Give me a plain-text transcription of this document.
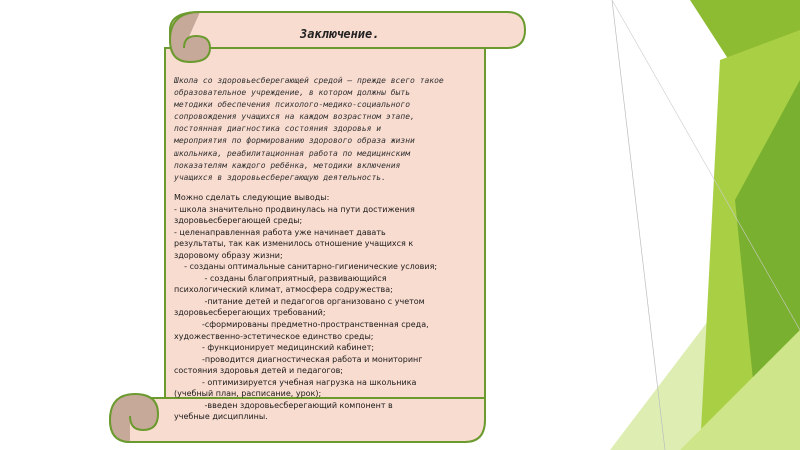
Заключение.
Школа со здоровьесберегающей средой – прежде всего такое
образовательное учреждение, в котором должны быть
методики обеспечения психолого-медико-социального
сопровождения учащихся на каждом возрастном этапе,
постоянная диагностика состояния здоровья и
мероприятия по формированию здорового образа жизни
школьника, реабилитационная работа по медицинским
показателям каждого ребёнка, методики включения
учащихся в здоровьесберегающую деятельность.
Можно сделать следующие выводы:
- школа значительно продвинулась на пути достижения
здоровьесберегающей среды;
- целенаправленная работа уже начинает давать
результаты, так как изменилось отношение учащихся к
здоровому образу жизни;
- созданы оптимальные санитарно-гигиенические условия;
- созданы благоприятный, развивающийся
психологический климат, атмосфера содружества;
-питание детей и педагогов организовано с учетом
здоровьесберегающих требований;
-сформированы предметно-пространственная среда,
художественно-эстетическое единство среды;
- функционирует медицинский кабинет;
-проводится диагностическая работа и мониторинг
состояния здоровья детей и педагогов;
- оптимизируется учебная нагрузка на школьника
(учебный план, расписание, урок);
-введен здоровьесберегающий компонент в
учебные дисциплины.
